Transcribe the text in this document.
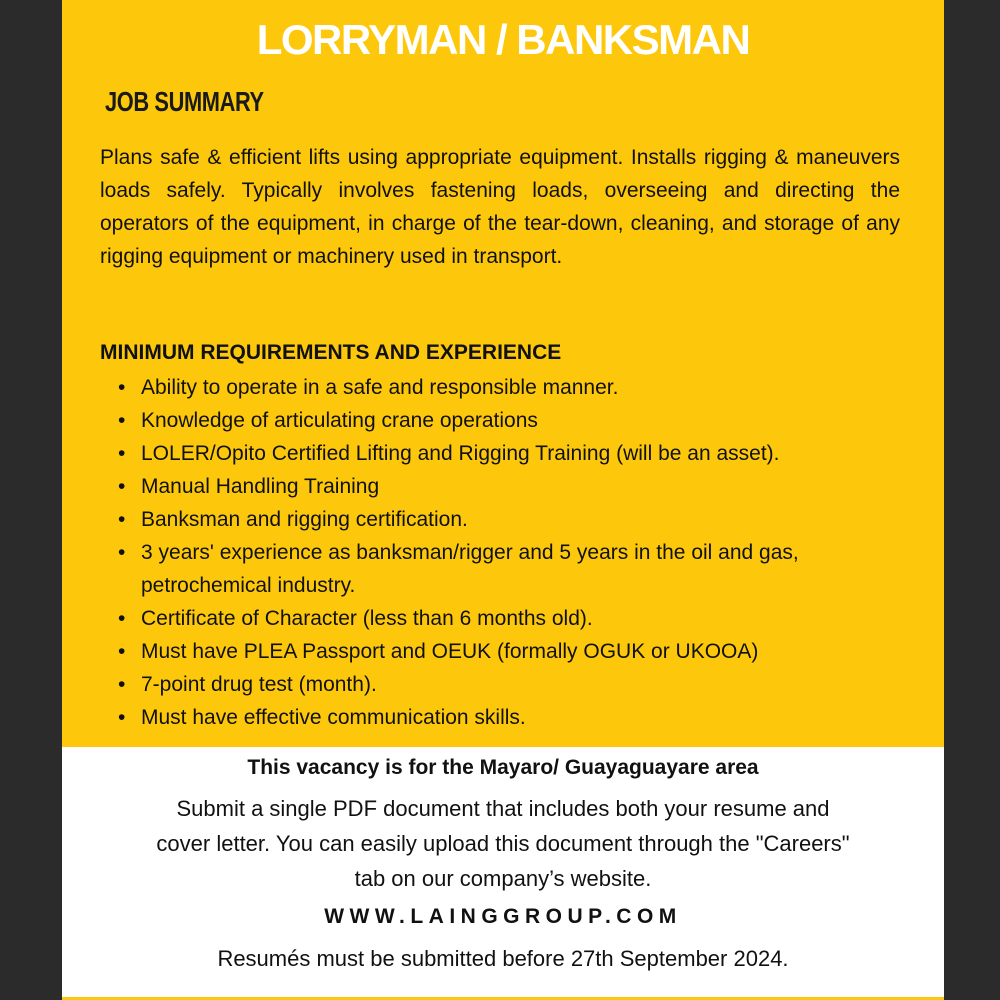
LORRYMAN / BANKSMAN
JOB SUMMARY

Plans safe & efficient lifts using appropriate equipment. Installs rigging & maneuvers loads safely. Typically involves fastening loads, overseeing and directing the operators of the equipment, in charge of the tear-down, cleaning, and storage of any rigging equipment or machinery used in transport.

MINIMUM REQUIREMENTS AND EXPERIENCE
• Ability to operate in a safe and responsible manner.
• Knowledge of articulating crane operations
• LOLER/Opito Certified Lifting and Rigging Training (will be an asset).
• Manual Handling Training
• Banksman and rigging certification.
• 3 years' experience as banksman/rigger and 5 years in the oil and gas, petrochemical industry.
• Certificate of Character (less than 6 months old).
• Must have PLEA Passport and OEUK (formally OGUK or UKOOA)
• 7-point drug test (month).
• Must have effective communication skills.
This vacancy is for the Mayaro/ Guayaguayare area
Submit a single PDF document that includes both your resume and
cover letter. You can easily upload this document through the "Careers"
tab on our company’s website.
WWW.LAINGGROUP.COM
Resumés must be submitted before 27th September 2024.
